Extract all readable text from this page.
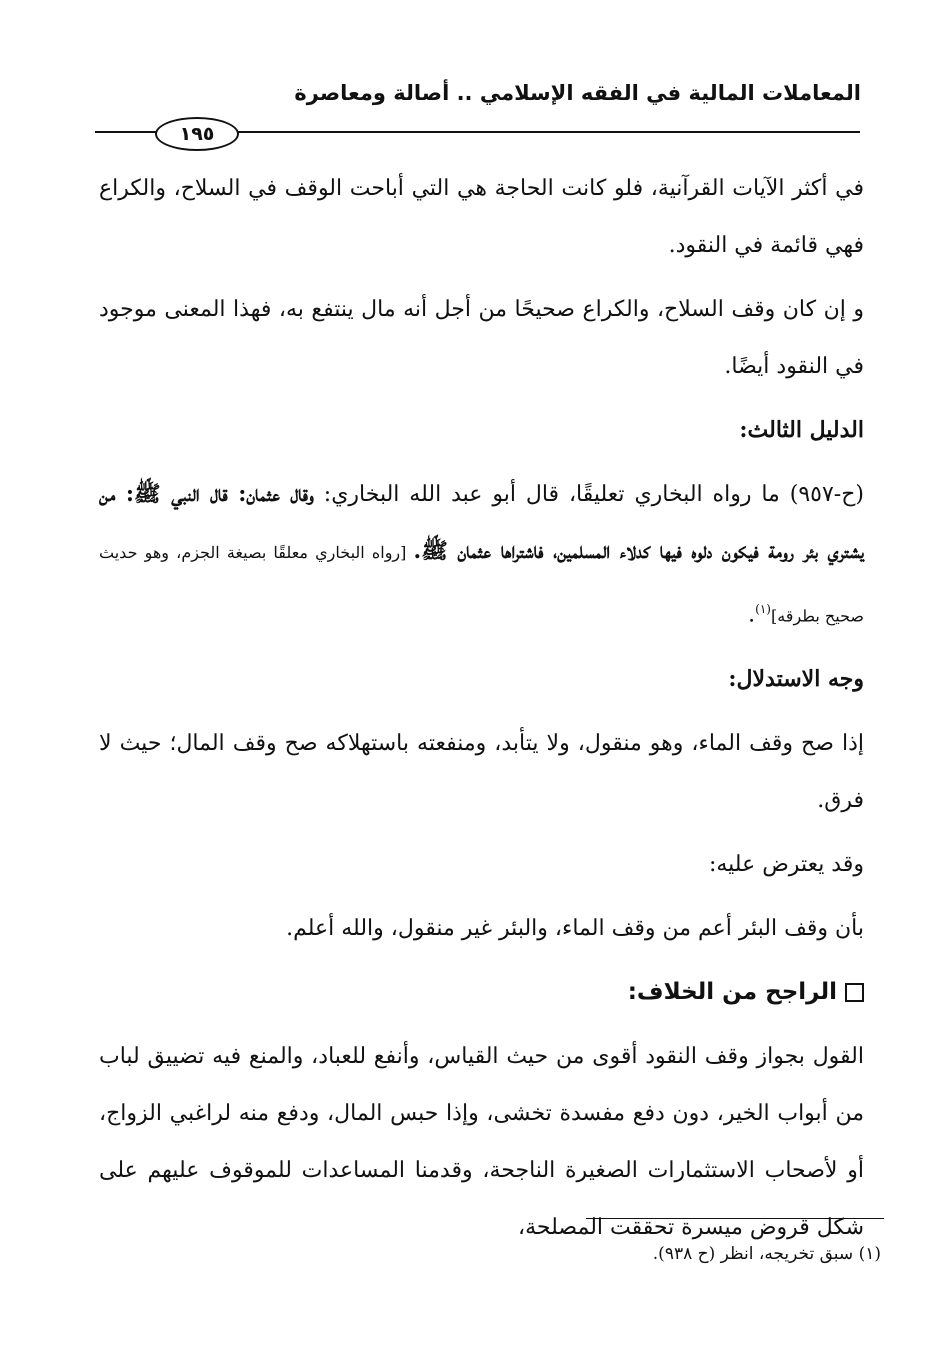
المعاملات المالية في الفقه الإسلامي .. أصالة ومعاصرة
١٩٥

في أكثر الآيات القرآنية، فلو كانت الحاجة هي التي أباحت الوقف في السلاح، والكراع فهي قائمة في النقود.

و إن كان وقف السلاح، والكراع صحيحًا من أجل أنه مال ينتفع به، فهذا المعنى موجود في النقود أيضًا.

الدليل الثالث:

(ح-٩٥٧) ما رواه البخاري تعليقًا، قال أبو عبد الله البخاري: وقال عثمان: قال النبي ﷺ: من يشتري بئر رومة فيكون دلوه فيها كدلاء المسلمين، فاشتراها عثمان ﷺ. [رواه البخاري معلقًا بصيغة الجزم، وهو حديث صحيح بطرقه]$^{(١)}$.

وجه الاستدلال:

إذا صح وقف الماء، وهو منقول، ولا يتأبد، ومنفعته باستهلاكه صح وقف المال؛ حيث لا فرق.

وقد يعترض عليه:

بأن وقف البئر أعم من وقف الماء، والبئر غير منقول، والله أعلم.

الراجح من الخلاف:

القول بجواز وقف النقود أقوى من حيث القياس، وأنفع للعباد، والمنع فيه تضييق لباب من أبواب الخير، دون دفع مفسدة تخشى، وإذا حبس المال، ودفع منه لراغبي الزواج، أو لأصحاب الاستثمارات الصغيرة الناجحة، وقدمنا المساعدات للموقوف عليهم على شكل قروض ميسرة تحققت المصلحة،

(١) سبق تخريجه، انظر (ح ٩٣٨).
